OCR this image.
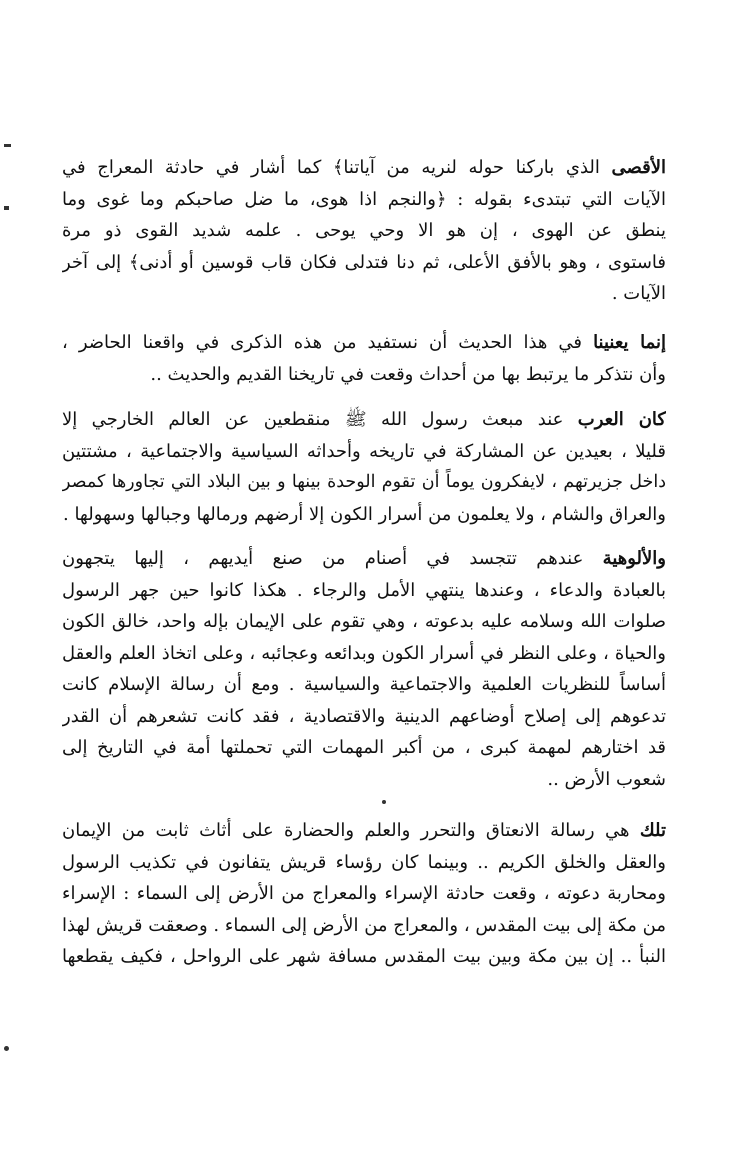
الأقصى الذي باركنا حوله لنريه من آياتنا﴾ كما أشار في حادثة المعراج في
الآيات التي تبتدىء بقوله : ﴿والنجم اذا هوى، ما ضل صاحبكم وما غوى وما
ينطق عن الهوى ، إن هو الا وحي يوحى . علمه شديد القوى ذو مرة
فاستوى ، وهو بالأفق الأعلى، ثم دنا فتدلى فكان قاب قوسين أو أدنى﴾ إلى آخر
الآيات .
إنما يعنينا في هذا الحديث أن نستفيد من هذه الذكرى في واقعنا الحاضر ،
وأن نتذكر ما يرتبط بها من أحداث وقعت في تاريخنا القديم والحديث ..
كان العرب عند مبعث رسول الله ﷺ منقطعين عن العالم الخارجي إلا
قليلا ، بعيدين عن المشاركة في تاريخه وأحداثه السياسية والاجتماعية ، مشتتين
داخل جزيرتهم ، لايفكرون يوماً أن تقوم الوحدة بينها و بين البلاد التي تجاورها كمصر
والعراق والشام ، ولا يعلمون من أسرار الكون إلا أرضهم ورمالها وجبالها وسهولها .
والألوهية عندهم تتجسد في أصنام من صنع أيديهم ، إليها يتجهون
بالعبادة والدعاء ، وعندها ينتهي الأمل والرجاء . هكذا كانوا حين جهر الرسول
صلوات الله وسلامه عليه بدعوته ، وهي تقوم على الإيمان بإله واحد، خالق الكون
والحياة ، وعلى النظر في أسرار الكون وبدائعه وعجائبه ، وعلى اتخاذ العلم والعقل
أساساً للنظريات العلمية والاجتماعية والسياسية . ومع أن رسالة الإسلام كانت
تدعوهم إلى إصلاح أوضاعهم الدينية والاقتصادية ، فقد كانت تشعرهم أن القدر
قد اختارهم لمهمة كبرى ، من أكبر المهمات التي تحملتها أمة في التاريخ إلى
شعوب الأرض ..
تلك هي رسالة الانعتاق والتحرر والعلم والحضارة على أثاث ثابت من الإيمان
والعقل والخلق الكريم .. وبينما كان رؤساء قريش يتفانون في تكذيب الرسول
ومحاربة دعوته ، وقعت حادثة الإسراء والمعراج من الأرض إلى السماء : الإسراء
من مكة إلى بيت المقدس ، والمعراج من الأرض إلى السماء . وصعقت قريش لهذا
النبأ .. إن بين مكة وبين بيت المقدس مسافة شهر على الرواحل ، فكيف يقطعها
